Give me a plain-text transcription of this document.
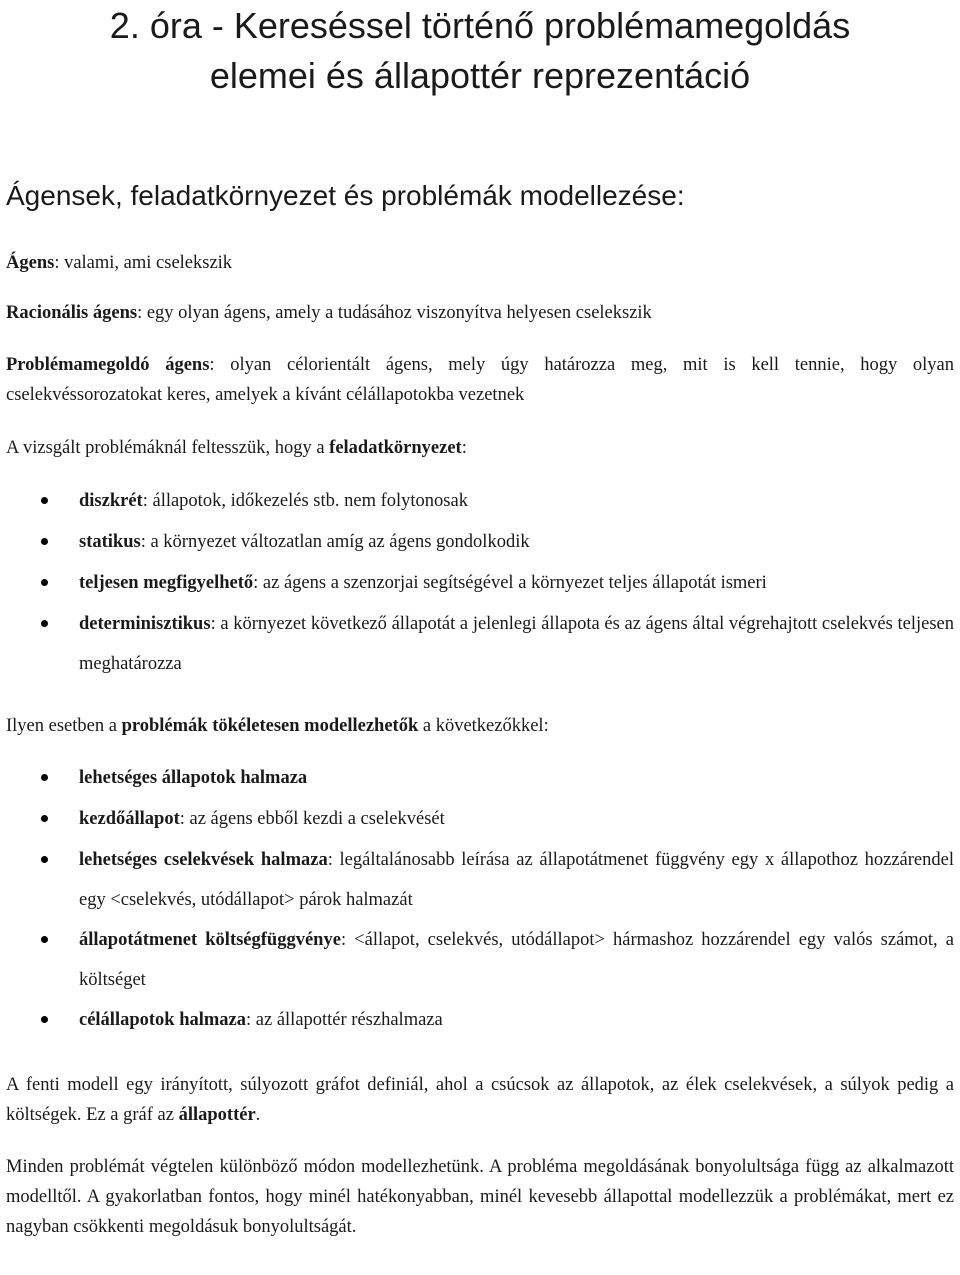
2. óra - Kereséssel történő problémamegoldás
elemei és állapottér reprezentáció
Ágensek, feladatkörnyezet és problémák modellezése:

Ágens: valami, ami cselekszik

Racionális ágens: egy olyan ágens, amely a tudásához viszonyítva helyesen cselekszik

Problémamegoldó ágens: olyan célorientált ágens, mely úgy határozza meg, mit is kell tennie, hogy olyan cselekvéssorozatokat keres, amelyek a kívánt célállapotokba vezetnek

A vizsgált problémáknál feltesszük, hogy a feladatkörnyezet:

diszkrét: állapotok, időkezelés stb. nem folytonosak
statikus: a környezet változatlan amíg az ágens gondolkodik
teljesen megfigyelhető: az ágens a szenzorjai segítségével a környezet teljes állapotát ismeri
determinisztikus: a környezet következő állapotát a jelenlegi állapota és az ágens által végrehajtott cselekvés teljesen meghatározza

Ilyen esetben a problémák tökéletesen modellezhetők a következőkkel:

lehetséges állapotok halmaza
kezdőállapot: az ágens ebből kezdi a cselekvését
lehetséges cselekvések halmaza: legáltalánosabb leírása az állapotátmenet függvény egy x állapothoz hozzárendel egy <cselekvés, utódállapot> párok halmazát
állapotátmenet költségfüggvénye: <állapot, cselekvés, utódállapot> hármashoz hozzárendel egy valós számot, a költséget
célállapotok halmaza: az állapottér részhalmaza

A fenti modell egy irányított, súlyozott gráfot definiál, ahol a csúcsok az állapotok, az élek cselekvések, a súlyok pedig a költségek. Ez a gráf az állapottér.

Minden problémát végtelen különböző módon modellezhetünk. A probléma megoldásának bonyolultsága függ az alkalmazott modelltől. A gyakorlatban fontos, hogy minél hatékonyabban, minél kevesebb állapottal modellezzük a problémákat, mert ez nagyban csökkenti megoldásuk bonyolultságát.
